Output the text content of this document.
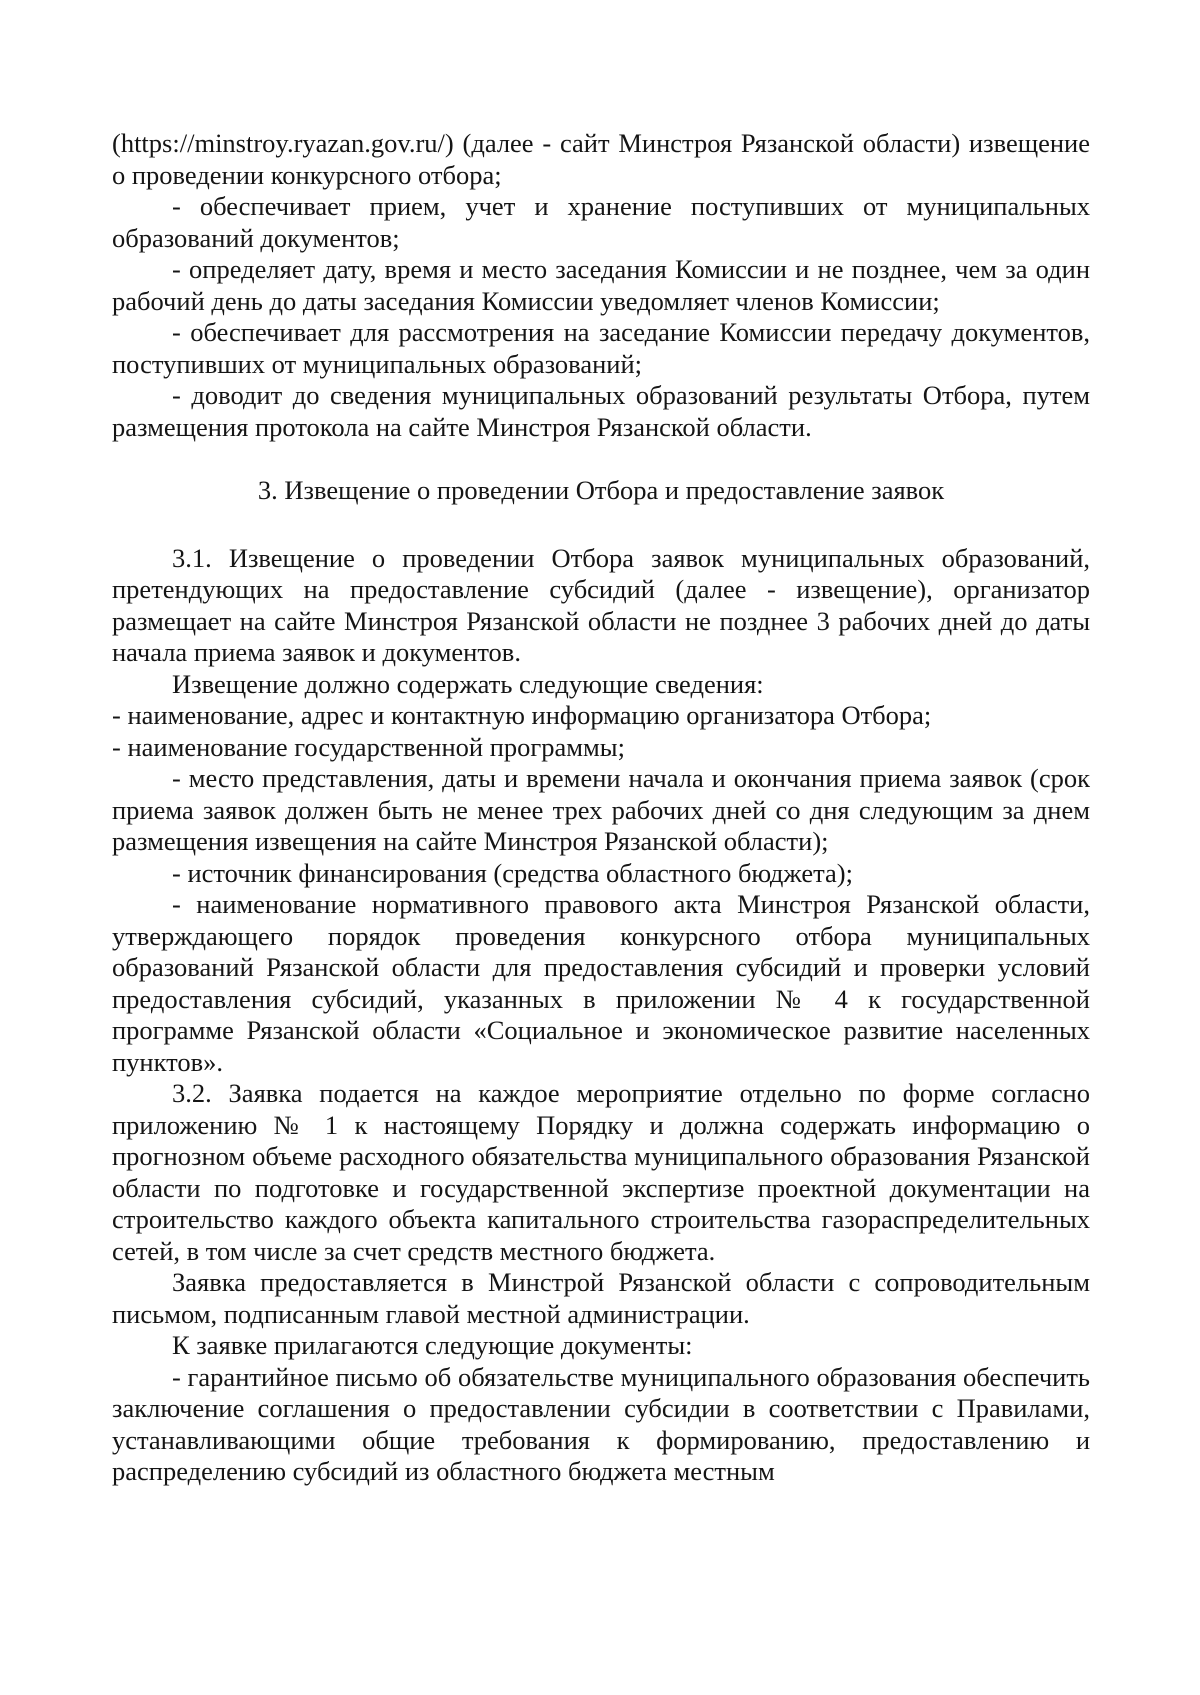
(https://minstroy.ryazan.gov.ru/) (далее - сайт Минстроя Рязанской области) извещение о проведении конкурсного отбора;

- обеспечивает прием, учет и хранение поступивших от муниципальных образований документов;

- определяет дату, время и место заседания Комиссии и не позднее, чем за один рабочий день до даты заседания Комиссии уведомляет членов Комиссии;

- обеспечивает для рассмотрения на заседание Комиссии передачу документов, поступивших от муниципальных образований;

- доводит до сведения муниципальных образований результаты Отбора, путем размещения протокола на сайте Минстроя Рязанской области.

3. Извещение о проведении Отбора и предоставление заявок

3.1. Извещение о проведении Отбора заявок муниципальных образований, претендующих на предоставление субсидий (далее - извещение), организатор размещает на сайте Минстроя Рязанской области не позднее 3 рабочих дней до даты начала приема заявок и документов.

Извещение должно содержать следующие сведения:

- наименование, адрес и контактную информацию организатора Отбора;

- наименование государственной программы;

- место представления, даты и времени начала и окончания приема заявок (срок приема заявок должен быть не менее трех рабочих дней со дня следующим за днем размещения извещения на сайте Минстроя Рязанской области);

- источник финансирования (средства областного бюджета);

- наименование нормативного правового акта Минстроя Рязанской области, утверждающего порядок проведения конкурсного отбора муниципальных образований Рязанской области для предоставления субсидий и проверки условий предоставления субсидий, указанных в приложении № 4 к государственной программе Рязанской области «Социальное и экономическое развитие населенных пунктов».

3.2. Заявка подается на каждое мероприятие отдельно по форме согласно приложению № 1 к настоящему Порядку и должна содержать информацию о прогнозном объеме расходного обязательства муниципального образования Рязанской области по подготовке и государственной экспертизе проектной документации на строительство каждого объекта капитального строительства газораспределительных сетей, в том числе за счет средств местного бюджета.

Заявка предоставляется в Минстрой Рязанской области с сопроводительным письмом, подписанным главой местной администрации.

К заявке прилагаются следующие документы:

- гарантийное письмо об обязательстве муниципального образования обеспечить заключение соглашения о предоставлении субсидии в соответствии с Правилами, устанавливающими общие требования к формированию, предоставлению и распределению субсидий из областного бюджета местным
